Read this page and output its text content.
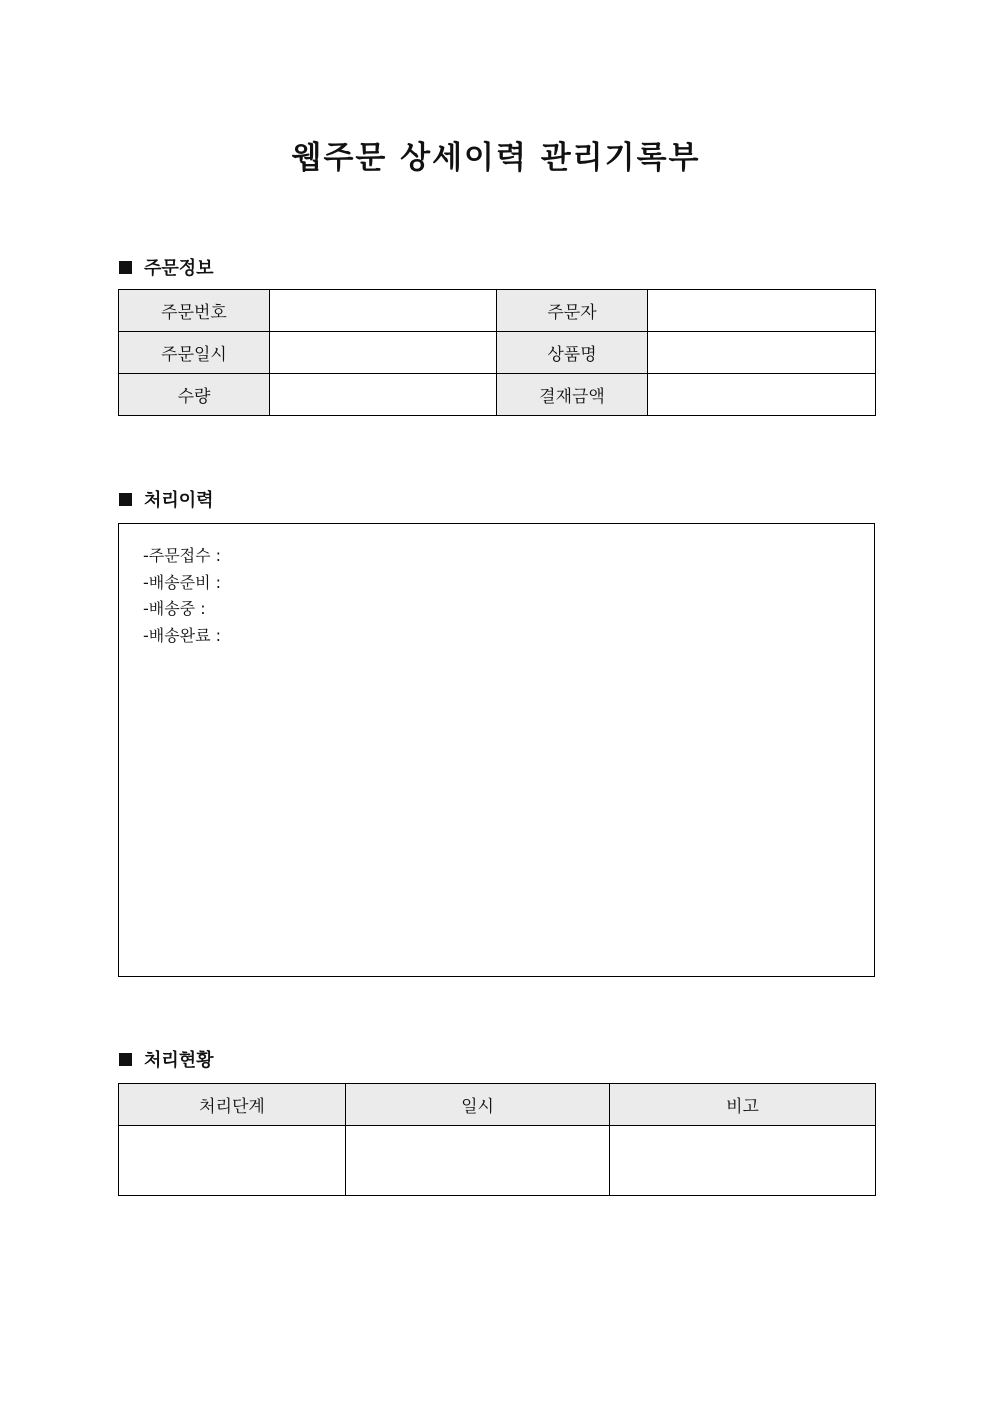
웹주문 상세이력 관리기록부
주문정보
주문번호		주문자	
주문일시		상품명	
수량		결재금액	
처리이력
-주문접수 :
-배송준비 :
-배송중 :
-배송완료 :
처리현황
처리단계	일시	비고
